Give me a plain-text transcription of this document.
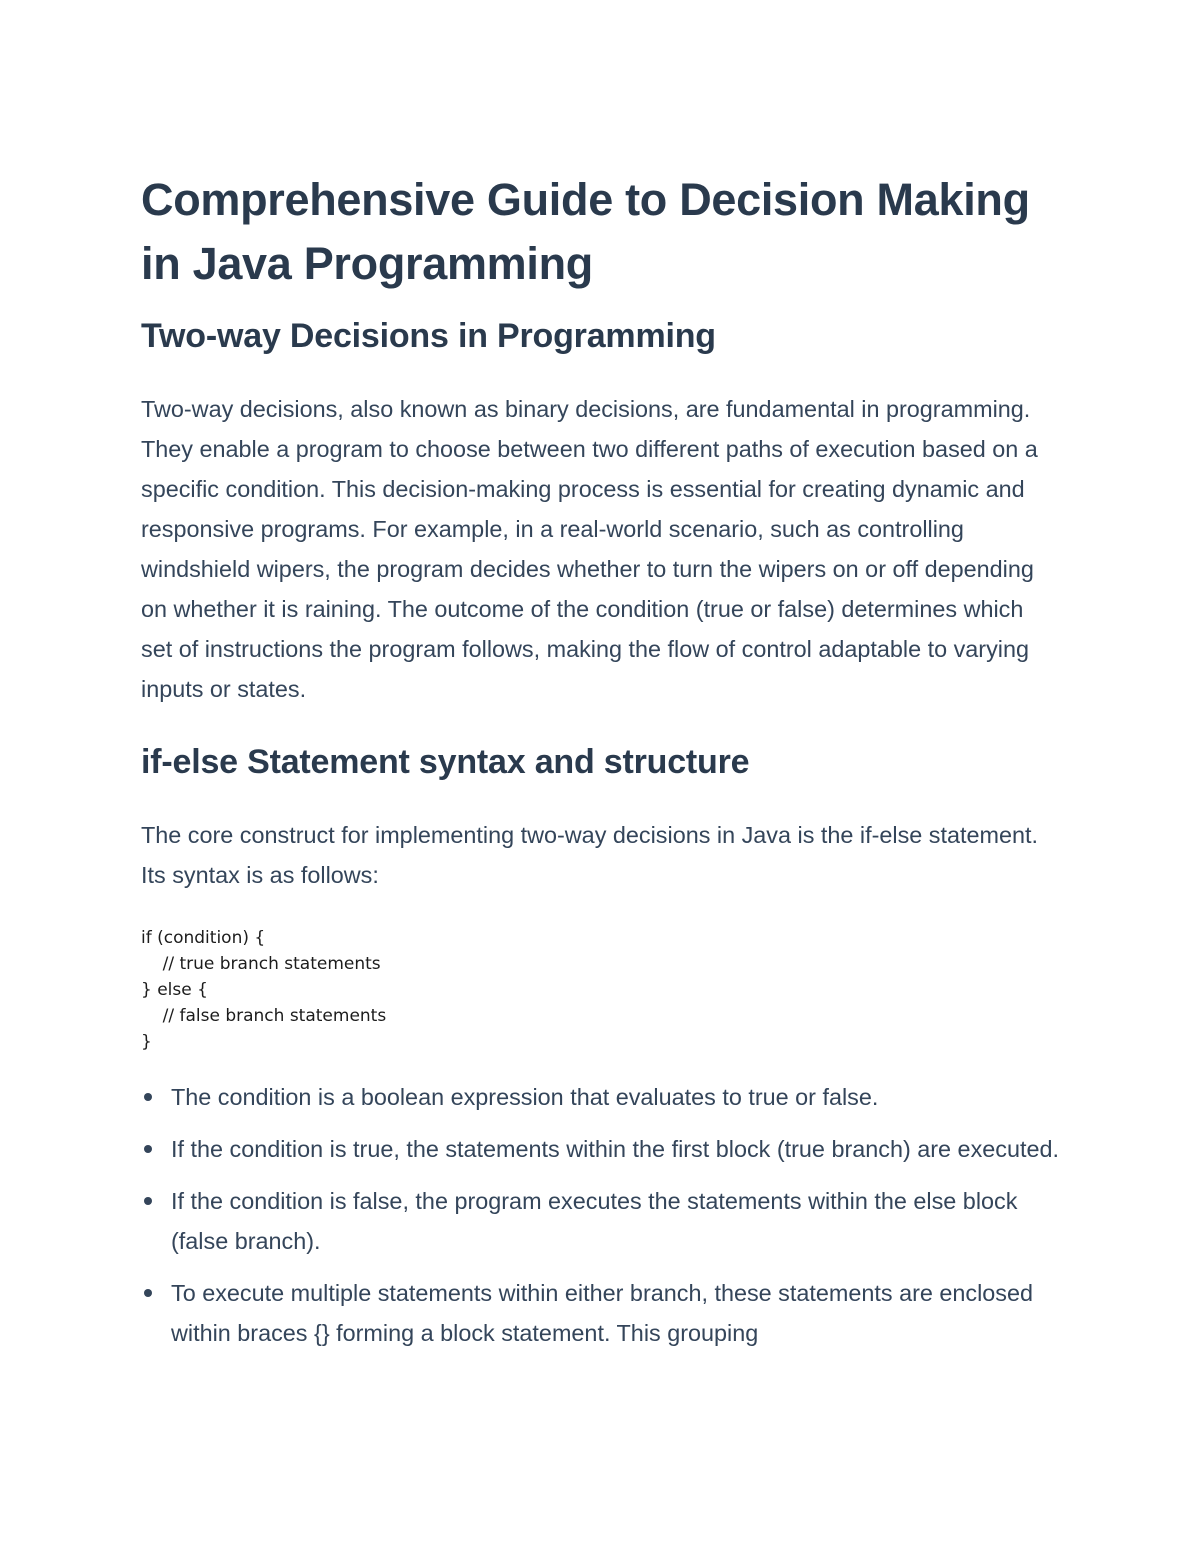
Comprehensive Guide to Decision Making in Java Programming
Two-way Decisions in Programming

Two-way decisions, also known as binary decisions, are fundamental in programming. They enable a program to choose between two different paths of execution based on a specific condition. This decision-making process is essential for creating dynamic and responsive programs. For example, in a real-world scenario, such as controlling windshield wipers, the program decides whether to turn the wipers on or off depending on whether it is raining. The outcome of the condition (true or false) determines which set of instructions the program follows, making the flow of control adaptable to varying inputs or states.

if-else Statement syntax and structure

The core construct for implementing two-way decisions in Java is the if-else statement. Its syntax is as follows:

if (condition) {
// true branch statements
} else {
// false branch statements
}
The condition is a boolean expression that evaluates to true or false.
If the condition is true, the statements within the first block (true branch) are executed.
If the condition is false, the program executes the statements within the else block (false branch).
To execute multiple statements within either branch, these statements are enclosed within braces {} forming a block statement. This grouping
